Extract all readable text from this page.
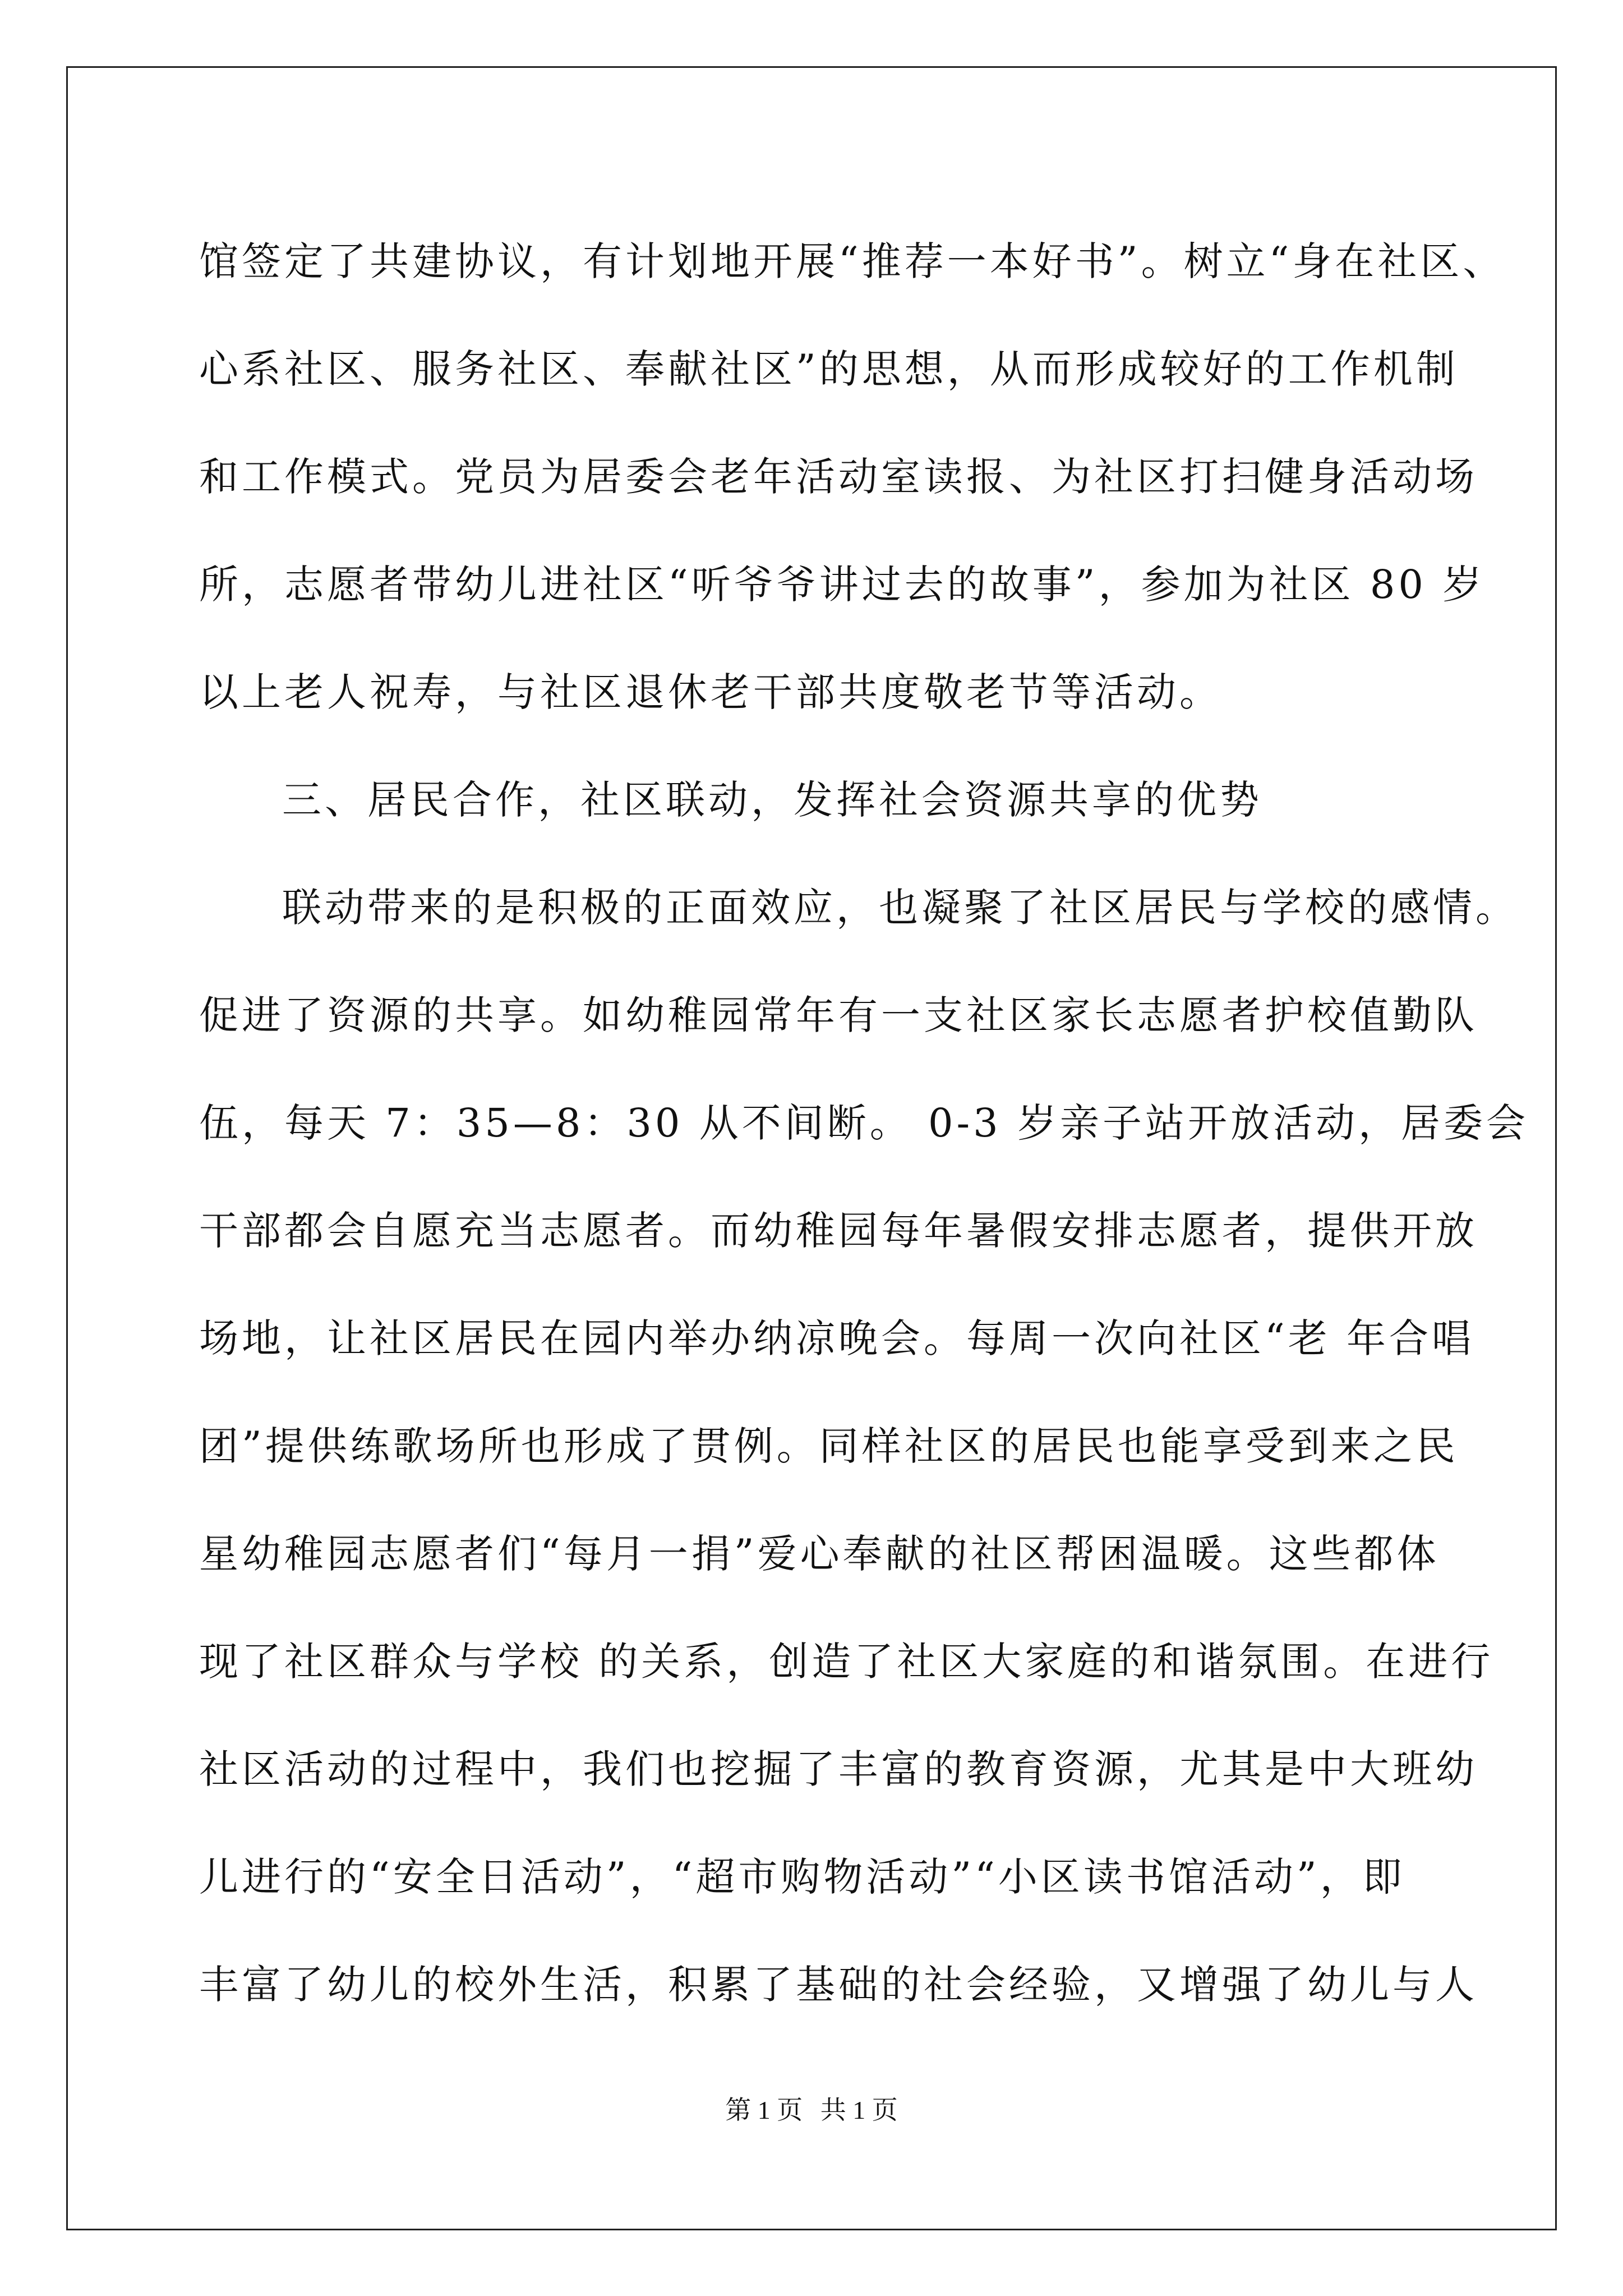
馆签定了共建协议，有计划地开展“推荐一本好书”。树立“身在社区、
心系社区、服务社区、奉献社区”的思想，从而形成较好的工作机制
和工作模式。党员为居委会老年活动室读报、为社区打扫健身活动场
所，志愿者带幼儿进社区“听爷爷讲过去的故事”，参加为社区 80 岁
以上老人祝寿，与社区退休老干部共度敬老节等活动。
三、居民合作，社区联动，发挥社会资源共享的优势
联动带来的是积极的正面效应，也凝聚了社区居民与学校的感情。
促进了资源的共享。如幼稚园常年有一支社区家长志愿者护校值勤队
伍，每天 7：35—8：30 从不间断。 0-3 岁亲子站开放活动，居委会
干部都会自愿充当志愿者。而幼稚园每年暑假安排志愿者，提供开放
场地，让社区居民在园内举办纳凉晚会。每周一次向社区“老 年合唱
团”提供练歌场所也形成了贯例。同样社区的居民也能享受到来之民
星幼稚园志愿者们“每月一捐”爱心奉献的社区帮困温暖。这些都体
现了社区群众与学校 的关系，创造了社区大家庭的和谐氛围。在进行
社区活动的过程中，我们也挖掘了丰富的教育资源，尤其是中大班幼
儿进行的“安全日活动”，“超市购物活动”“小区读书馆活动”，即
丰富了幼儿的校外生活，积累了基础的社会经验，又增强了幼儿与人
第 1 页 共 1 页
